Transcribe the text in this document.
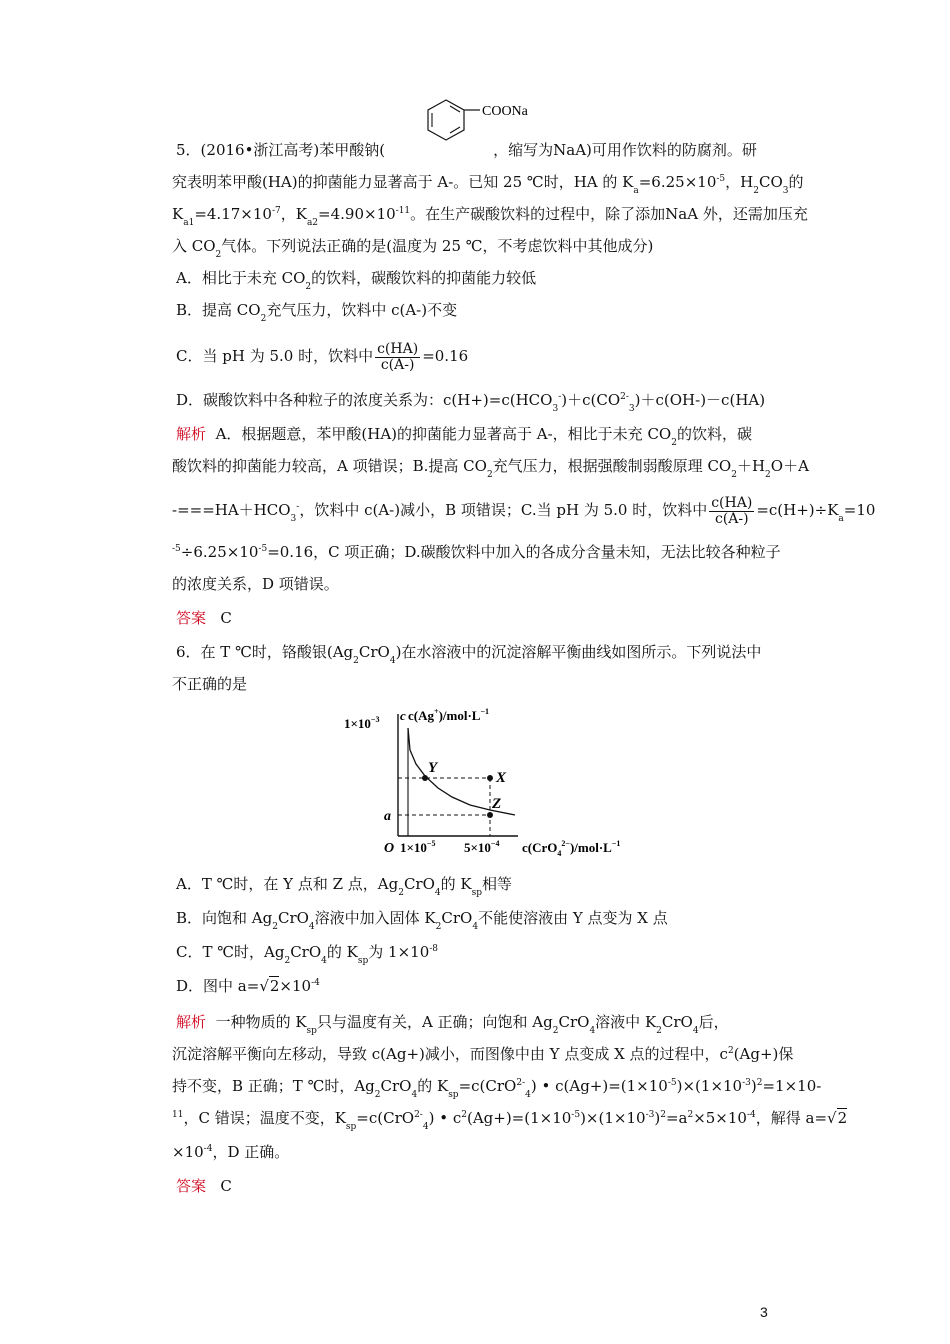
COONa
5．(2016•浙江高考)苯甲酸钠(	，缩写为NaA)可用作饮料的防腐剂。研
究表明苯甲酸(HA)的抑菌能力显著高于 A-。已知 25 ℃时，HA 的 $K_a=6.25\times 10^{-5}$，$H_2CO_3$的
$K_{a1}=4.17\times 10^{-7}$，$K_{a2}=4.90\times 10^{-11}$。在生产碳酸饮料的过程中，除了添加NaA 外，还需加压充
入 $CO_2$气体。下列说法正确的是(温度为 25 ℃，不考虑饮料中其他成分)
A．相比于未充 $CO_2$的饮料，碳酸饮料的抑菌能力较低
B．提高 $CO_2$充气压力，饮料中 c(A-)不变
C．当 pH 为 5.0 时，饮料中 $\frac{c(HA)}{c(A-)} =0.16$
D．碳酸饮料中各种粒子的浓度关系为：$c(H+)=c(HCO_3^-)+c(CO^{2-}_3)+c(OH-)-c(HA)$
解析 A．根据题意，苯甲酸(HA)的抑菌能力显著高于 A-，相比于未充 $CO_2$的饮料，碳
酸饮料的抑菌能力较高，A 项错误；B.提高 $CO_2$充气压力，根据强酸制弱酸原理 $CO_2+H_2O+A$
$-===HA+HCO_3^-$，饮料中 c(A-)减小，B 项错误；C.当 pH 为 5.0 时，饮料中 $\frac{c(HA)}{c(A-)} =c(H+)\div K_a=10$
$^{-5}\div 6.25\times 10^{-5}=0.16$，C 项正确；D.碳酸饮料中加入的各成分含量未知，无法比较各种粒子
的浓度关系，D 项错误。
答案 C
6．在 T ℃时，铬酸银$(Ag_2CrO_4)$在水溶液中的沉淀溶解平衡曲线如图所示。下列说法中
不正确的是
Y
X
Z
$1\times 10^{-3}$ c $c(Ag^+)/mol\cdot L^{-1}$
a
O $1\times 10^{-5}$ $5\times 10^{-4}$ $c(CrO_4^{2-})/mol\cdot L^{-1}$
A．T ℃时，在 Y 点和 Z 点，$Ag_2CrO_4$的 $K_{sp}$相等
B．向饱和 $Ag_2CrO_4$溶液中加入固体 $K_2CrO_4$不能使溶液由 Y 点变为 X 点
C．T ℃时，$Ag_2CrO_4$的 $K_{sp}$为 $1\times 10^{-8}$
D．图中 $a=√2\times 10^{-4}$
解析 一种物质的 $K_{sp}$只与温度有关，A 正确；向饱和 $Ag_2CrO_4$溶液中 $K_2CrO_4$后，
沉淀溶解平衡向左移动，导致 c(Ag+)减小，而图像中由 Y 点变成 X 点的过程中，$c^2(Ag+)$保
持不变，B 正确；T ℃时，$Ag_2CrO_4$的 $K_{sp}=c(CrO^{2-}_4)$ • $c(Ag+)=(1\times 10^{-5})\times(1\times 10^{-3})^2=1\times 10-$
$^{11}$，C 错误；温度不变，$K_{sp}=c(CrO^{2-}_4)$ • $c^2(Ag+)=(1\times 10^{-5})\times(1\times 10^{-3})^2=a^2\times 5\times 10^{-4}$，解得 a=√2
$\times 10^{-4}$，D 正确。
答案 C
3
